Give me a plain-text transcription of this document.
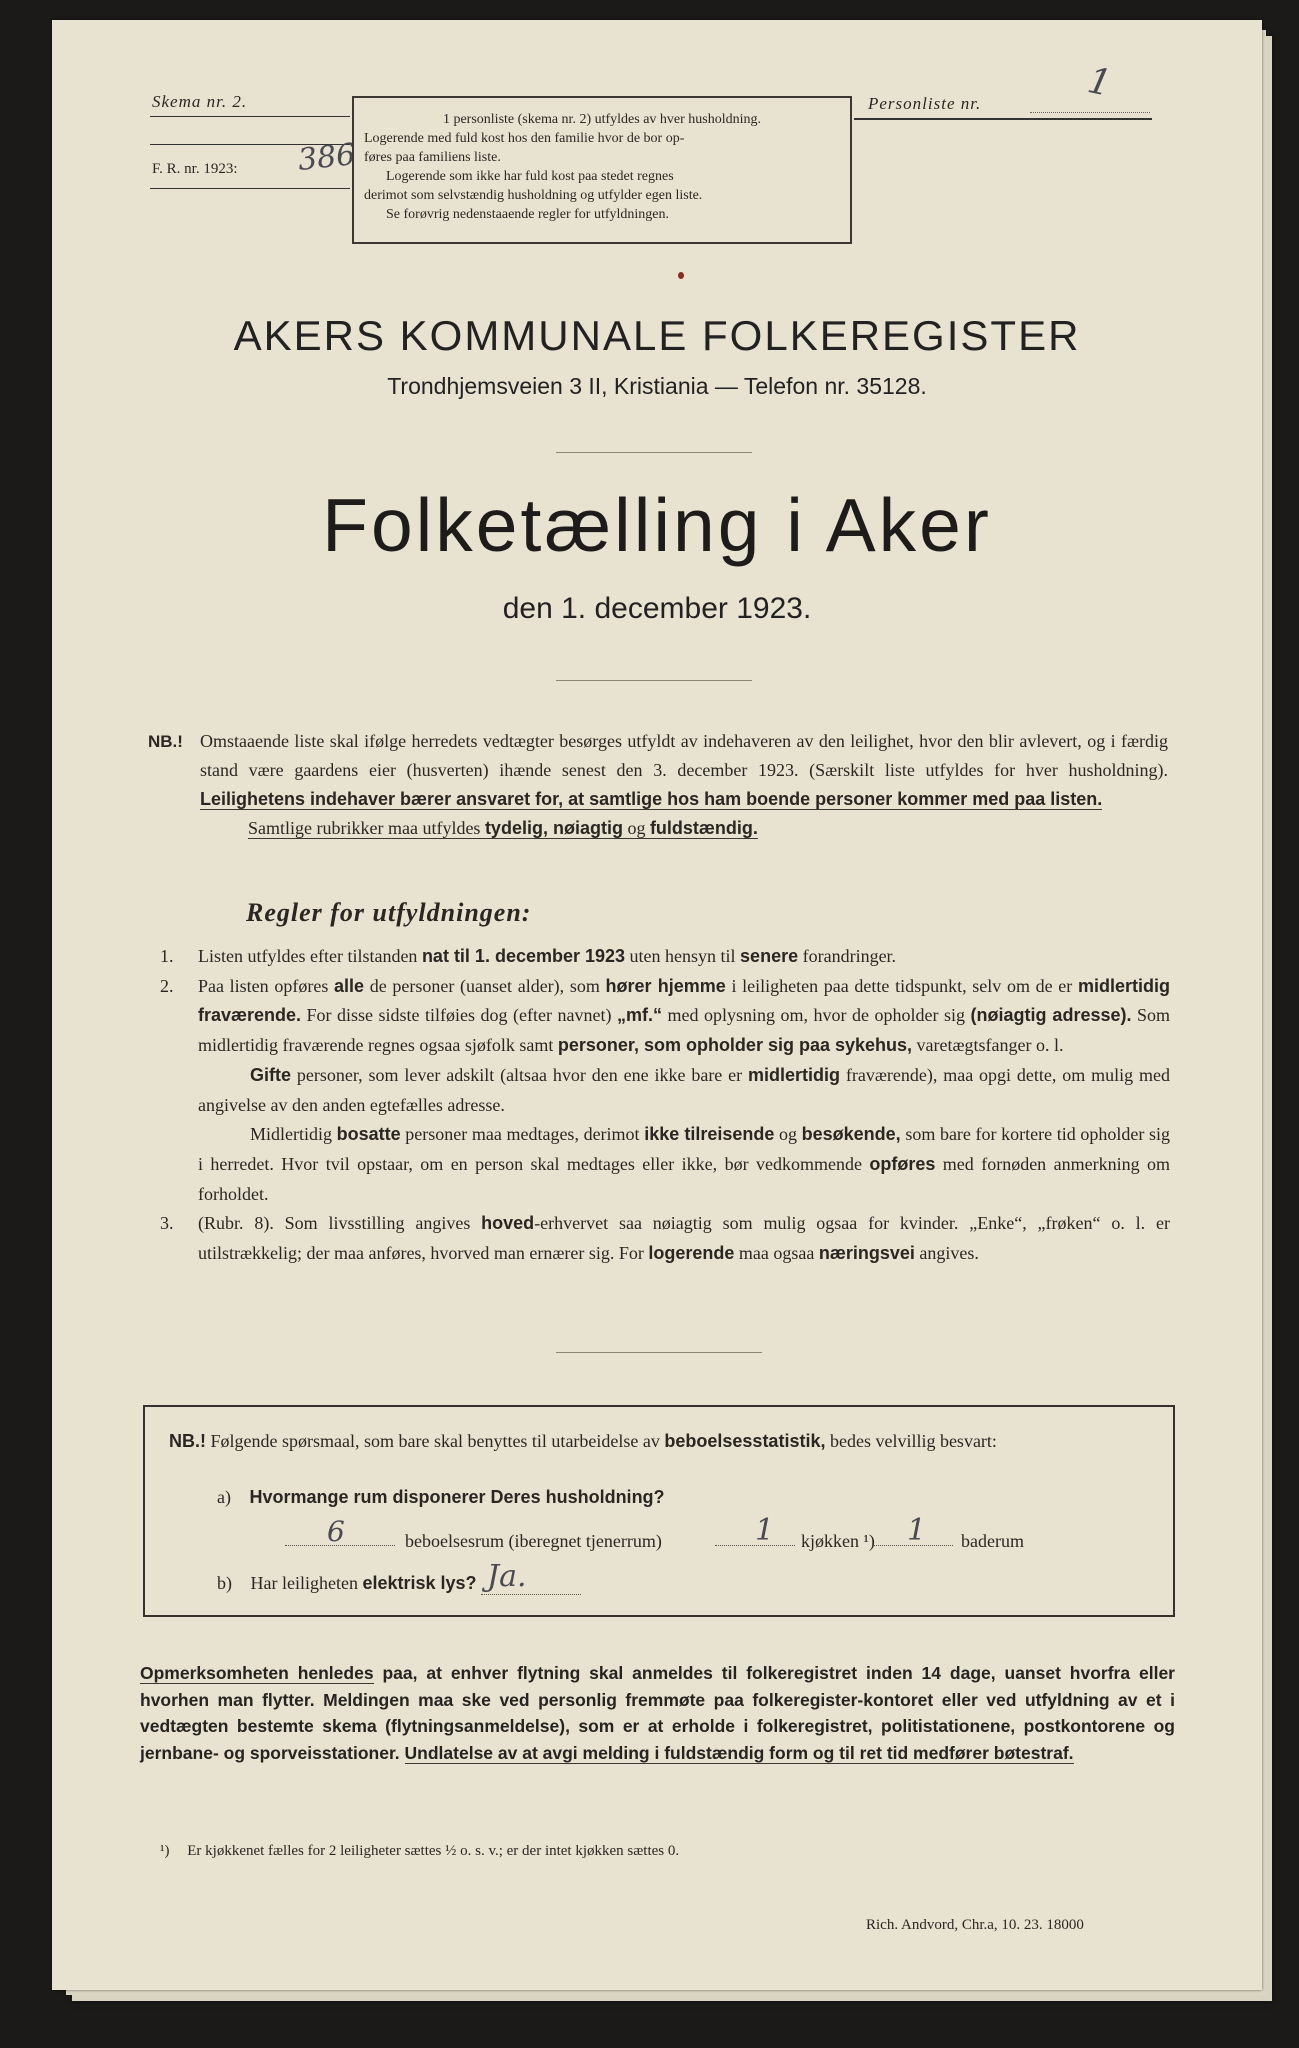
Skema nr. 2.
F. R. nr. 1923: 386

1 personliste (skema nr. 2) utfyldes av hver husholdning.

Logerende med fuld kost hos den familie hvor de bor op-

føres paa familiens liste.

Logerende som ikke har fuld kost paa stedet regnes

derimot som selvstændig husholdning og utfylder egen liste.

Se forøvrig nedenstaaende regler for utfyldningen.

Personliste nr.	1
AKERS KOMMUNALE FOLKEREGISTER
Trondhjemsveien 3 II, Kristiania — Telefon nr. 35128.
Folketælling i Aker
den 1. december 1923.
NB.! Omstaaende liste skal ifølge herredets vedtægter besørges utfyldt av indehaveren av den leilighet, hvor den blir avlevert, og i færdig stand være gaardens eier (husverten) ihænde senest den 3. december 1923. (Særskilt liste utfyldes for hver husholdning). Leilighetens indehaver bærer ansvaret for, at samtlige hos ham boende personer kommer med paa listen.
Samtlige rubrikker maa utfyldes tydelig, nøiagtig og fuldstændig.
Regler for utfyldningen:
1. Listen utfyldes efter tilstanden nat til 1. december 1923 uten hensyn til senere forandringer.

2. Paa listen opføres alle de personer (uanset alder), som hører hjemme i leiligheten paa dette tidspunkt, selv om de er midlertidig fraværende. For disse sidste tilføies dog (efter navnet) „mf.“ med oplysning om, hvor de opholder sig (nøiagtig adresse). Som midlertidig fraværende regnes ogsaa sjøfolk samt personer, som opholder sig paa sykehus, varetægtsfanger o. l.

Gifte personer, som lever adskilt (altsaa hvor den ene ikke bare er midlertidig fraværende), maa opgi dette, om mulig med angivelse av den anden egtefælles adresse.

Midlertidig bosatte personer maa medtages, derimot ikke tilreisende og besøkende, som bare for kortere tid opholder sig i herredet. Hvor tvil opstaar, om en person skal medtages eller ikke, bør vedkommende opføres med fornøden anmerkning om forholdet.

3. (Rubr. 8). Som livsstilling angives hoved-erhvervet saa nøiagtig som mulig ogsaa for kvinder. „Enke“, „frøken“ o. l. er utilstrækkelig; der maa anføres, hvorved man ernærer sig. For logerende maa ogsaa næringsvei angives.

NB.! Følgende spørsmaal, som bare skal benyttes til utarbeidelse av beboelsesstatistik, bedes velvillig besvart:
a) Hvormange rum disponerer Deres husholdning?
6	beboelsesrum (iberegnet tjenerrum)	1 kjøkken ¹) 1 baderum
b) Har leiligheten elektrisk lys? Ja.

Opmerksomheten henledes paa, at enhver flytning skal anmeldes til folkeregistret inden 14 dage, uanset hvorfra eller hvorhen man flytter. Meldingen maa ske ved personlig fremmøte paa folkeregister-kontoret eller ved utfyldning av et i vedtægten bestemte skema (flytningsanmeldelse), som er at erholde i folkeregistret, politistationene, postkontorene og jernbane- og sporveisstationer. Undlatelse av at avgi melding i fuldstændig form og til ret tid medfører bøtestraf.
¹) Er kjøkkenet fælles for 2 leiligheter sættes ½ o. s. v.; er der intet kjøkken sættes 0.
Rich. Andvord, Chr.a, 10. 23. 18000
